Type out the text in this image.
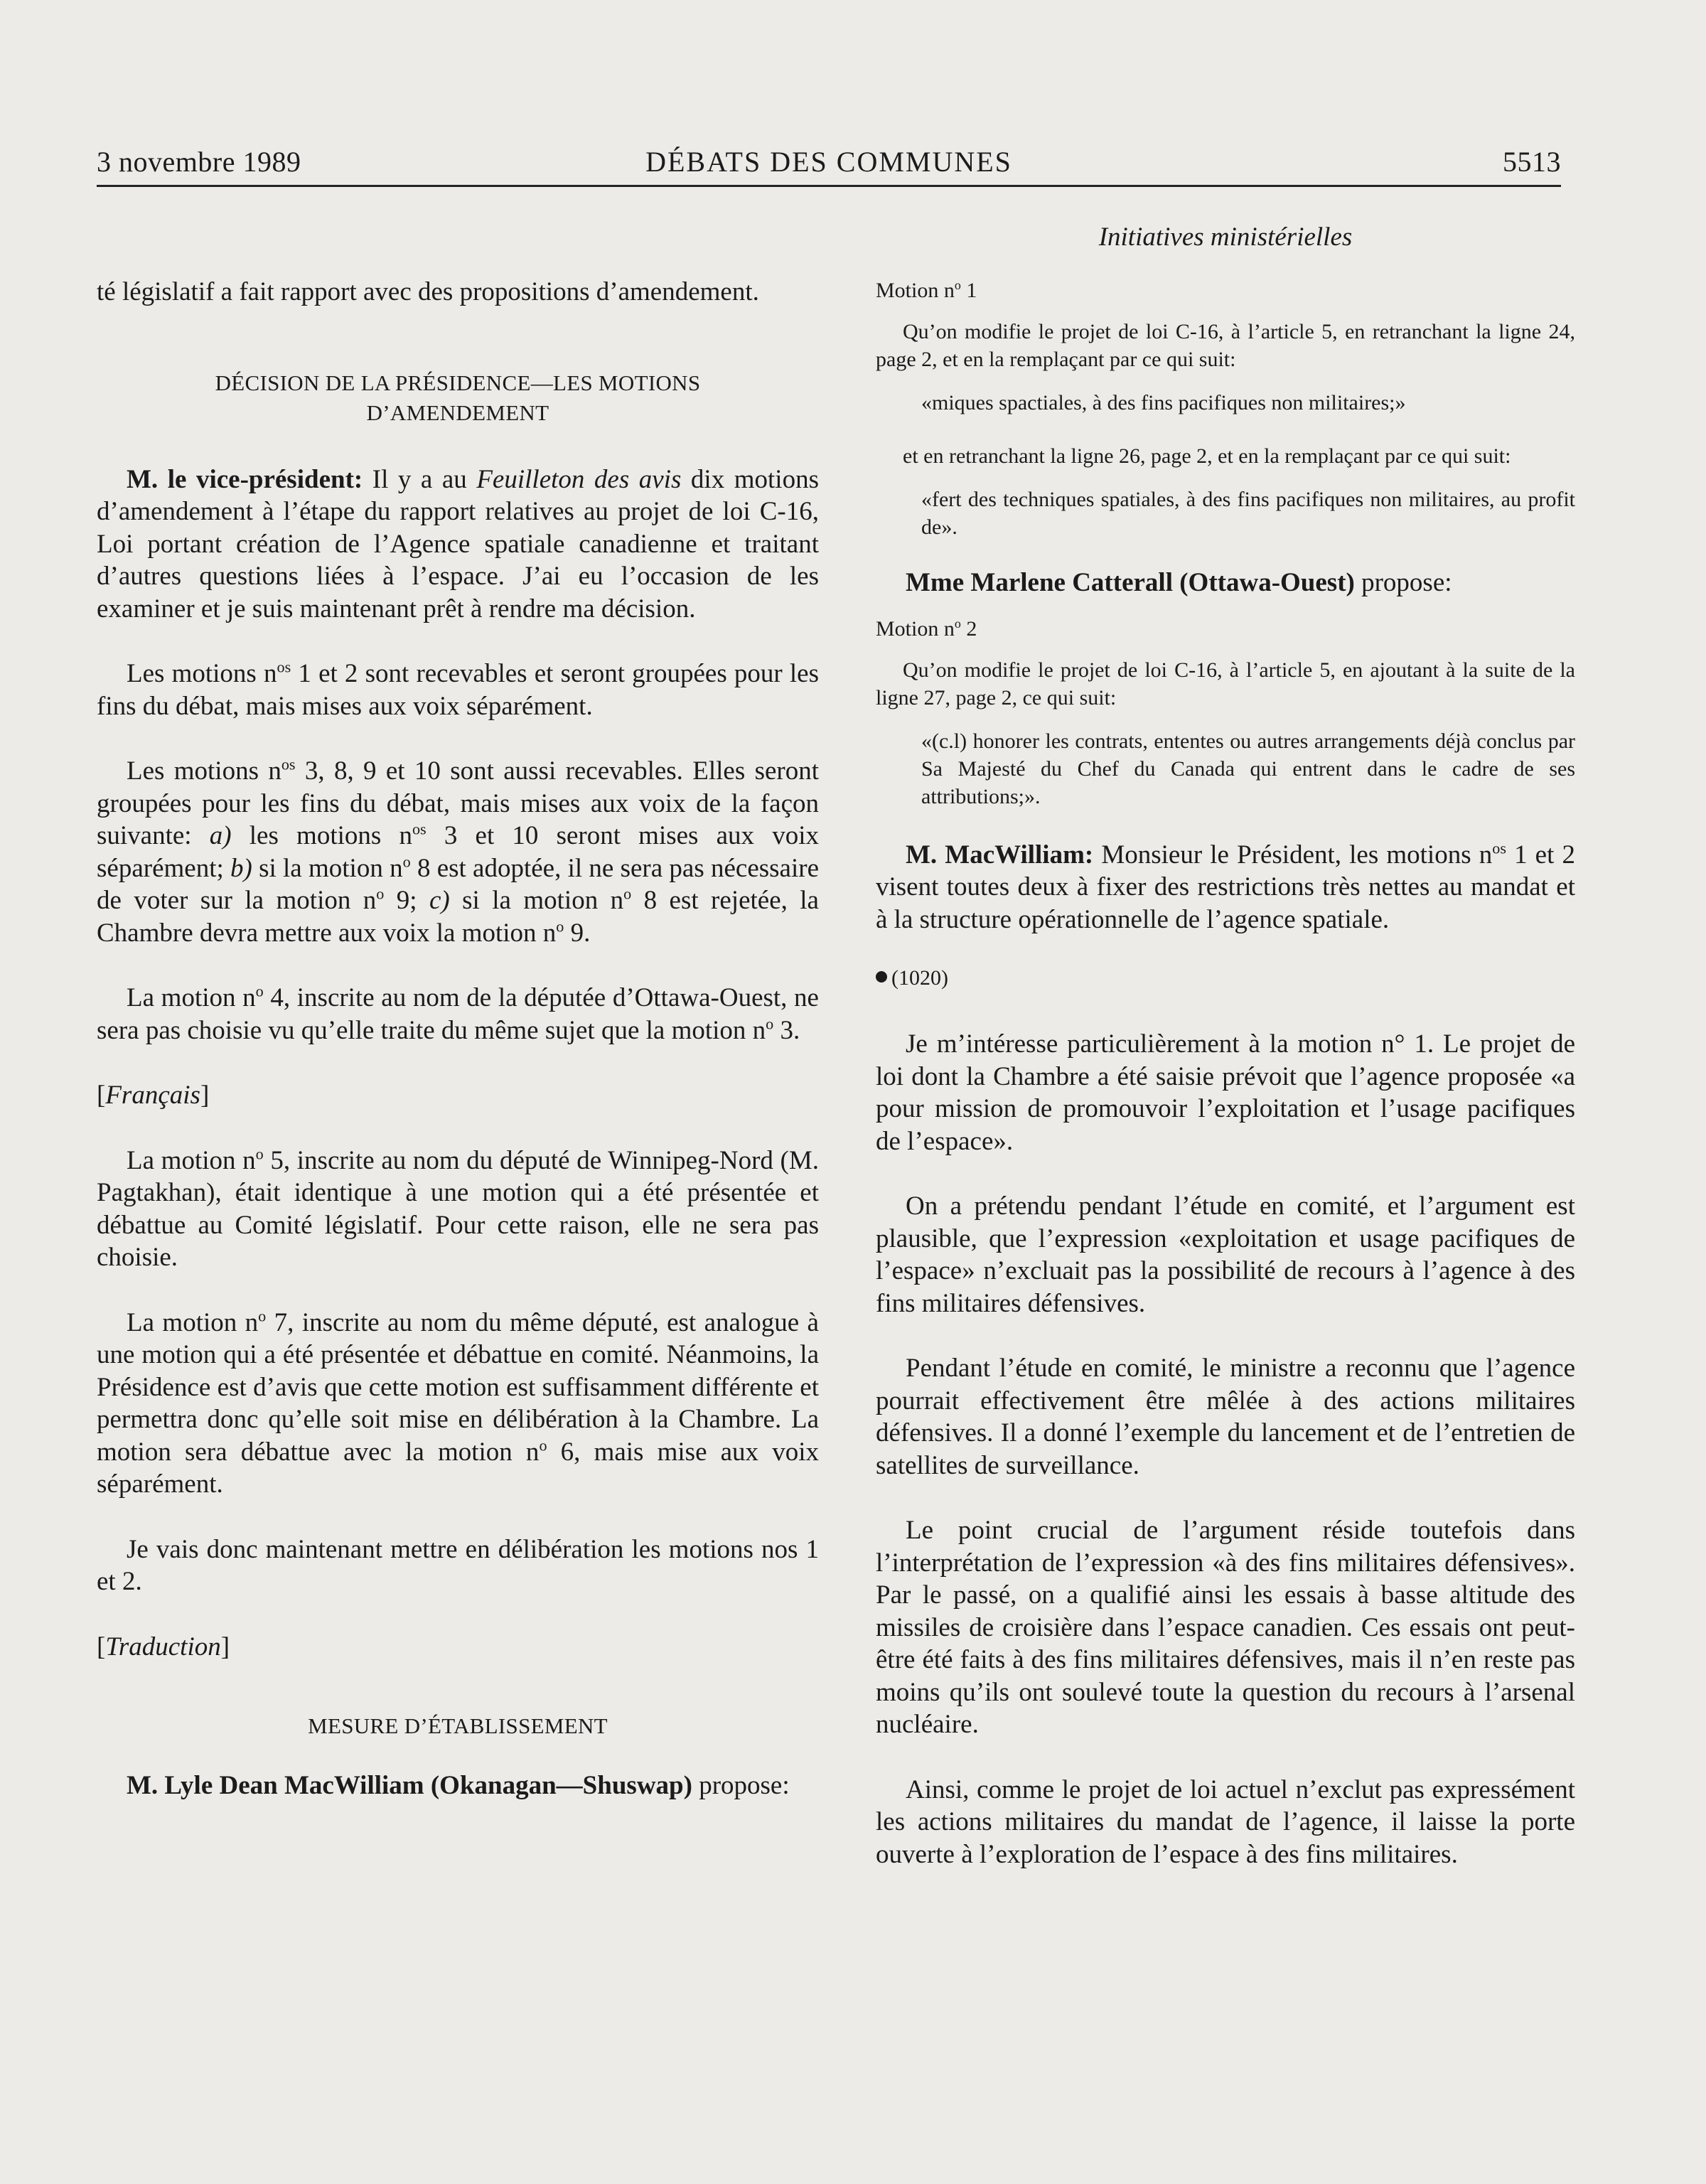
3 novembre 1989	DÉBATS DES COMMUNES	5513

té législatif a fait rapport avec des propositions d’amendement.

DÉCISION DE LA PRÉSIDENCE—LES MOTIONS

D’AMENDEMENT

M. le vice-président: Il y a au Feuilleton des avis dix motions d’amendement à l’étape du rapport relatives au projet de loi C-16, Loi portant création de l’Agence spatiale canadienne et traitant d’autres questions liées à l’espace. J’ai eu l’occasion de les examiner et je suis maintenant prêt à rendre ma décision.

Les motions $n^{os}$ 1 et 2 sont recevables et seront groupées pour les fins du débat, mais mises aux voix séparément.

Les motions $n^{os}$ 3, 8, 9 et 10 sont aussi recevables. Elles seront groupées pour les fins du débat, mais mises aux voix de la façon suivante: a) les motions $n^{os}$ 3 et 10 seront mises aux voix séparément; b) si la motion $n^o$ 8 est adoptée, il ne sera pas nécessaire de voter sur la motion $n^o$ 9; c) si la motion $n^o$ 8 est rejetée, la Chambre devra mettre aux voix la motion $n^o$ 9.

La motion $n^o$ 4, inscrite au nom de la députée d’Ottawa-Ouest, ne sera pas choisie vu qu’elle traite du même sujet que la motion $n^o$ 3.

[Français]

La motion $n^o$ 5, inscrite au nom du député de Winnipeg-Nord (M. Pagtakhan), était identique à une motion qui a été présentée et débattue au Comité législatif. Pour cette raison, elle ne sera pas choisie.

La motion $n^o$ 7, inscrite au nom du même député, est analogue à une motion qui a été présentée et débattue en comité. Néanmoins, la Présidence est d’avis que cette motion est suffisamment différente et permettra donc qu’elle soit mise en délibération à la Chambre. La motion sera débattue avec la motion $n^o$ 6, mais mise aux voix séparément.

Je vais donc maintenant mettre en délibération les motions nos 1 et 2.

[Traduction]

MESURE D’ÉTABLISSEMENT

M. Lyle Dean MacWilliam (Okanagan—Shuswap) propose:

Initiatives ministérielles

Motion $n^o$ 1

Qu’on modifie le projet de loi C-16, à l’article 5, en retranchant la ligne 24, page 2, et en la remplaçant par ce qui suit:

«miques spactiales, à des fins pacifiques non militaires;»

et en retranchant la ligne 26, page 2, et en la remplaçant par ce qui suit:

«fert des techniques spatiales, à des fins pacifiques non militaires, au profit de».

Mme Marlene Catterall (Ottawa-Ouest) propose:

Motion $n^o$ 2

Qu’on modifie le projet de loi C-16, à l’article 5, en ajoutant à la suite de la ligne 27, page 2, ce qui suit:

«(c.l) honorer les contrats, ententes ou autres arrangements déjà conclus par Sa Majesté du Chef du Canada qui entrent dans le cadre de ses attributions;».

M. MacWilliam: Monsieur le Président, les motions $n^{os}$ 1 et 2 visent toutes deux à fixer des restrictions très nettes au mandat et à la structure opérationnelle de l’agence spatiale.

(1020)

Je m’intéresse particulièrement à la motion n° 1. Le projet de loi dont la Chambre a été saisie prévoit que l’agence proposée «a pour mission de promouvoir l’exploitation et l’usage pacifiques de l’espace».

On a prétendu pendant l’étude en comité, et l’argument est plausible, que l’expression «exploitation et usage pacifiques de l’espace» n’excluait pas la possibilité de recours à l’agence à des fins militaires défensives.

Pendant l’étude en comité, le ministre a reconnu que l’agence pourrait effectivement être mêlée à des actions militaires défensives. Il a donné l’exemple du lancement et de l’entretien de satellites de surveillance.

Le point crucial de l’argument réside toutefois dans l’interprétation de l’expression «à des fins militaires défensives». Par le passé, on a qualifié ainsi les essais à basse altitude des missiles de croisière dans l’espace canadien. Ces essais ont peut-être été faits à des fins militaires défensives, mais il n’en reste pas moins qu’ils ont soulevé toute la question du recours à l’arsenal nucléaire.

Ainsi, comme le projet de loi actuel n’exclut pas expressément les actions militaires du mandat de l’agence, il laisse la porte ouverte à l’exploration de l’espace à des fins militaires.
